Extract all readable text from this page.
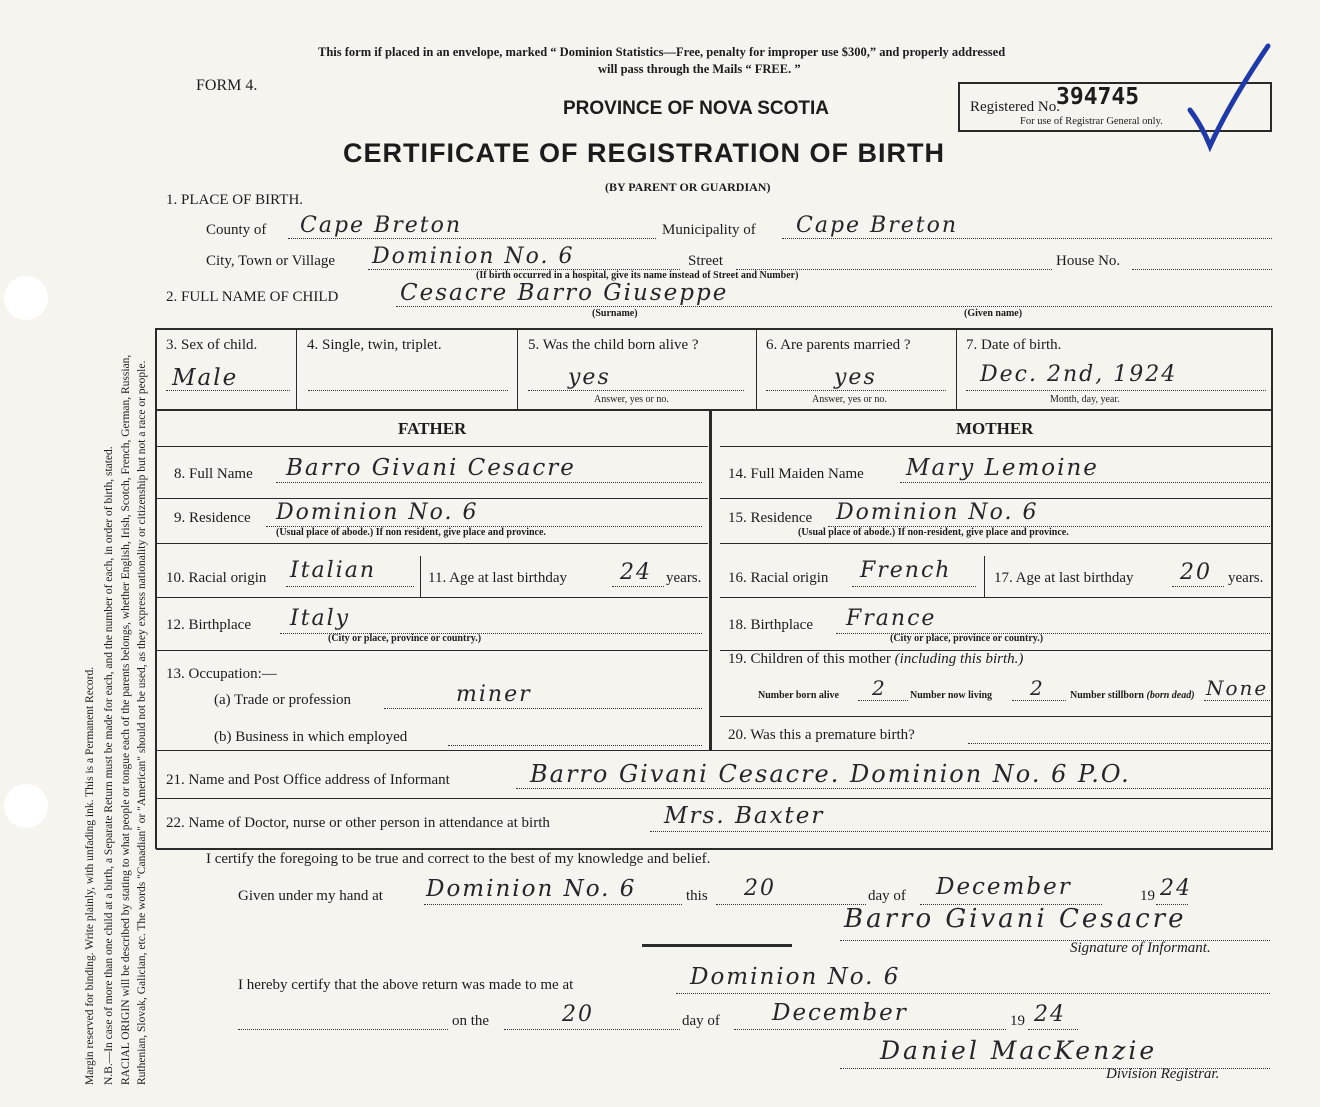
Margin reserved for binding. Write plainly, with unfading ink. This is a Permanent Record. N.B.—In case of more than one child at a birth, a Separate Return must be made for each, and the number of each, in order of birth, stated. RACIAL ORIGIN will be described by stating to what people or tongue each of the parents belongs, whether English, Irish, Scotch, French, German, Russian, Ruthenian, Slovak, Galician, etc. The words "Canadian" or "American" should not be used, as they express nationality or citizenship but not a race or people.
This form if placed in an envelope, marked “ Dominion Statistics—Free, penalty for improper use $300,” and properly addressed
will pass through the Mails “ FREE. ”
FORM 4.
PROVINCE OF NOVA SCOTIA
CERTIFICATE OF REGISTRATION OF BIRTH
(BY PARENT OR GUARDIAN)
Registered No.
394745
For use of Registrar General only.
1. PLACE OF BIRTH.
County of Cape Breton	Municipality of Cape Breton
City, Town or Village Dominion No. 6	Street	House No.
(If birth occurred in a hospital, give its name instead of Street and Number)
2. FULL NAME OF CHILD	Cesacre Barro Giuseppe
(Surname)	(Given name)
3. Sex of child.
Male
4. Single, twin, triplet.	5. Was the child born alive ?
yes
Answer, yes or no.
6. Are parents married ?
yes
Answer, yes or no.
7. Date of birth.
Dec. 2nd, 1924
Month, day, year.
FATHER
8. Full Name Barro Givani Cesacre
9. Residence Dominion No. 6
(Usual place of abode.) If non resident, give place and province.
10. Racial origin Italian	11. Age at last birthday 24 years.
12. Birthplace Italy
(City or place, province or country.)
13. Occupation:—
(a) Trade or profession	miner
(b) Business in which employed
MOTHER
14. Full Maiden Name Mary Lemoine
15. Residence Dominion No. 6
(Usual place of abode.) If non-resident, give place and province.
16. Racial origin French	17. Age at last birthday 20 years.
18. Birthplace France
(City or place, province or country.)
19. Children of this mother (including this birth.)
Number born alive 2 Number now living 2	Number stillborn (born dead) None
20. Was this a premature birth?
21. Name and Post Office address of Informant	Barro Givani Cesacre. Dominion No. 6 P.O.
22. Name of Doctor, nurse or other person in attendance at birth	Mrs. Baxter
I certify the foregoing to be true and correct to the best of my knowledge and belief.
Given under my hand at Dominion No. 6	this 20	day of December	19 24
Barro Givani Cesacre
Signature of Informant.
I hereby certify that the above return was made to me at	Dominion No. 6
on the	20	day of December	19 24
Daniel MacKenzie
Division Registrar.
